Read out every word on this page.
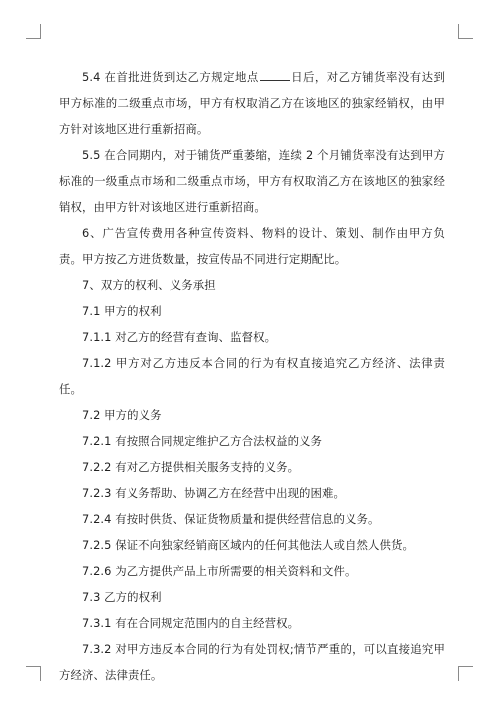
5.4 在首批进货到达乙方规定地点	日后，对乙方铺货率没有达到甲方标准的二级重点市场，甲方有权取消乙方在该地区的独家经销权，由甲方针对该地区进行重新招商。

5.5 在合同期内，对于铺货严重萎缩，连续 2 个月铺货率没有达到甲方标准的一级重点市场和二级重点市场，甲方有权取消乙方在该地区的独家经销权，由甲方针对该地区进行重新招商。

6、广告宣传费用各种宣传资料、物料的设计、策划、制作由甲方负责。甲方按乙方进货数量，按宣传品不同进行定期配比。

7、双方的权利、义务承担

7.1 甲方的权利

7.1.1 对乙方的经营有查询、监督权。

7.1.2 甲方对乙方违反本合同的行为有权直接追究乙方经济、法律责任。

7.2 甲方的义务

7.2.1 有按照合同规定维护乙方合法权益的义务

7.2.2 有对乙方提供相关服务支持的义务。

7.2.3 有义务帮助、协调乙方在经营中出现的困难。

7.2.4 有按时供货、保证货物质量和提供经营信息的义务。

7.2.5 保证不向独家经销商区域内的任何其他法人或自然人供货。

7.2.6 为乙方提供产品上市所需要的相关资料和文件。

7.3 乙方的权利

7.3.1 有在合同规定范围内的自主经营权。

7.3.2 对甲方违反本合同的行为有处罚权;情节严重的，可以直接追究甲方经济、法律责任。
